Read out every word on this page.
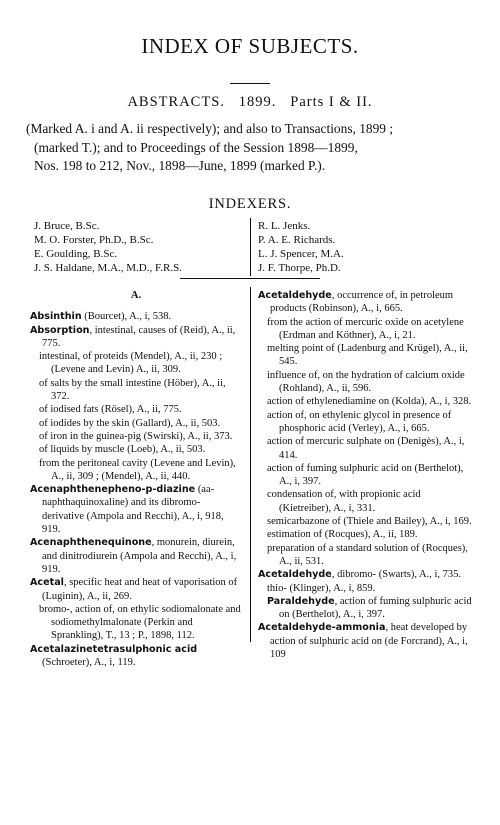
INDEX OF SUBJECTS.
ABSTRACTS.   1899.   Parts I & II.

(Marked A. i and A. ii respectively); and also to Transactions, 1899 ;

(marked T.); and to Proceedings of the Session 1898—1899,

Nos. 198 to 212, Nov., 1898—June, 1899 (marked P.).

INDEXERS.
J. Bruce, B.Sc.
M. O. Forster, Ph.D., B.Sc.
E. Goulding, B.Sc.
J. S. Haldane, M.A., M.D., F.R.S.
R. L. Jenks.
P. A. E. Richards.
L. J. Spencer, M.A.
J. F. Thorpe, Ph.D.
A.

Absinthin (Bourcet), A., i, 538.

Absorption, intestinal, causes of (Reid), A., ii, 775.

intestinal, of proteids (Mendel), A., ii, 230 ; (Levene and Levin) A., ii, 309.

of salts by the small intestine (Höber), A., ii, 372.

of iodised fats (Rösel), A., ii, 775.

of iodides by the skin (Gallard), A., ii, 503.

of iron in the guinea-pig (Swirski), A., ii, 373.

of liquids by muscle (Loeb), A., ii, 503.

from the peritoneal cavity (Levene and Levin), A., ii, 309 ; (Mendel), A., ii, 440.

Acenaphthenepheno-p-diazine (aa-naphthaquinoxaline) and its dibromo-derivative (Ampola and Recchi), A., i, 918, 919.

Acenaphthenequinone, monurein, diurein, and dinitrodiurein (Ampola and Recchi), A., i, 919.

Acetal, specific heat and heat of vaporisation of (Luginin), A., ii, 269.

bromo-, action of, on ethylic sodiomalonate and sodiomethylmalonate (Perkin and Sprankling), T., 13 ; P., 1898, 112.

Acetalazinetetrasulphonic acid (Schroeter), A., i, 119.

Acetaldehyde, occurrence of, in petroleum products (Robinson), A., i, 665.

from the action of mercuric oxide on acetylene (Erdman and Köthner), A., i, 21.

melting point of (Ladenburg and Krügel), A., ii, 545.

influence of, on the hydration of calcium oxide (Rohland), A., ii, 596.

action of ethylenediamine on (Kolda), A., i, 328.

action of, on ethylenic glycol in presence of phosphoric acid (Verley), A., i, 665.

action of mercuric sulphate on (Denigès), A., i, 414.

action of fuming sulphuric acid on (Berthelot), A., i, 397.

condensation of, with propionic acid (Kietreiber), A., i, 331.

semicarbazone of (Thiele and Bailey), A., i, 169.

estimation of (Rocques), A., ii, 189.

preparation of a standard solution of (Rocques), A., ii, 531.

Acetaldehyde, dibromo- (Swarts), A., i, 735.

thio- (Klinger), A., i, 859.

Paraldehyde, action of fuming sulphuric acid on (Berthelot), A., i, 397.

Acetaldehyde-ammonia, heat developed by action of sulphuric acid on (de Forcrand), A., i, 109
